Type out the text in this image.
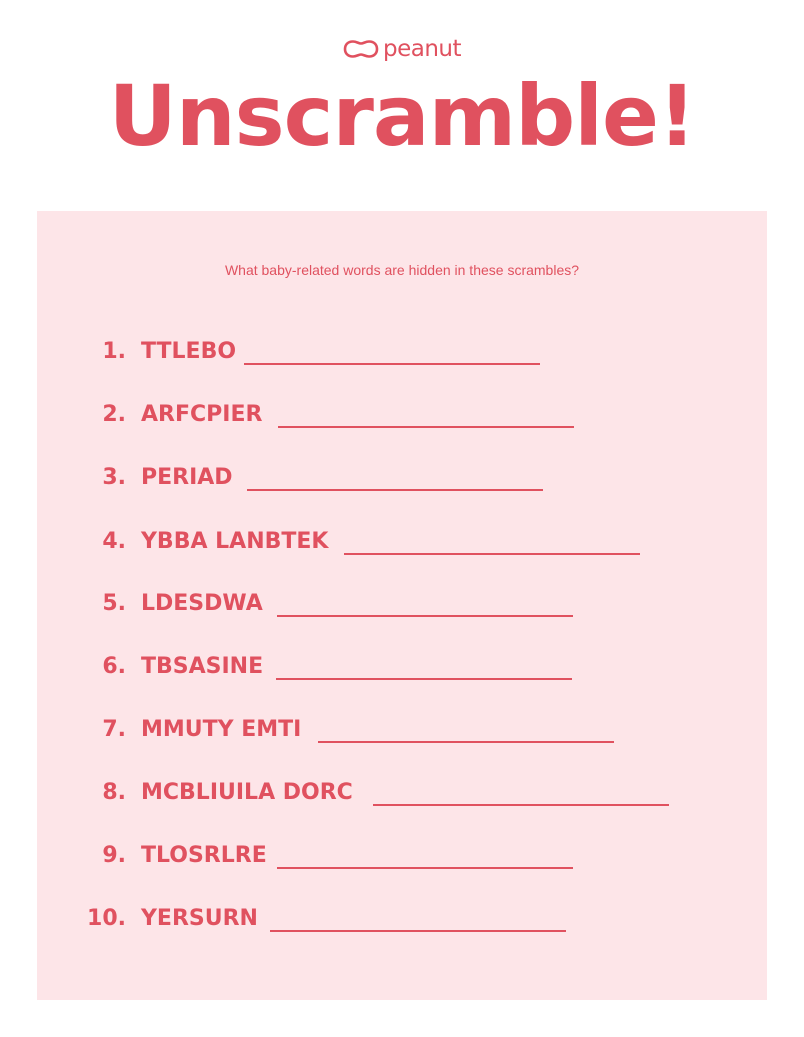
peanut
Unscramble!
What baby-related words are hidden in these scrambles?
1. TTLEBO
2. ARFCPIER
3. PERIAD
4. YBBA LANBTEK
5. LDESDWA
6. TBSASINE
7. MMUTY EMTI
8. MCBLIUILA DORC
9. TLOSRLRE
10. YERSURN
